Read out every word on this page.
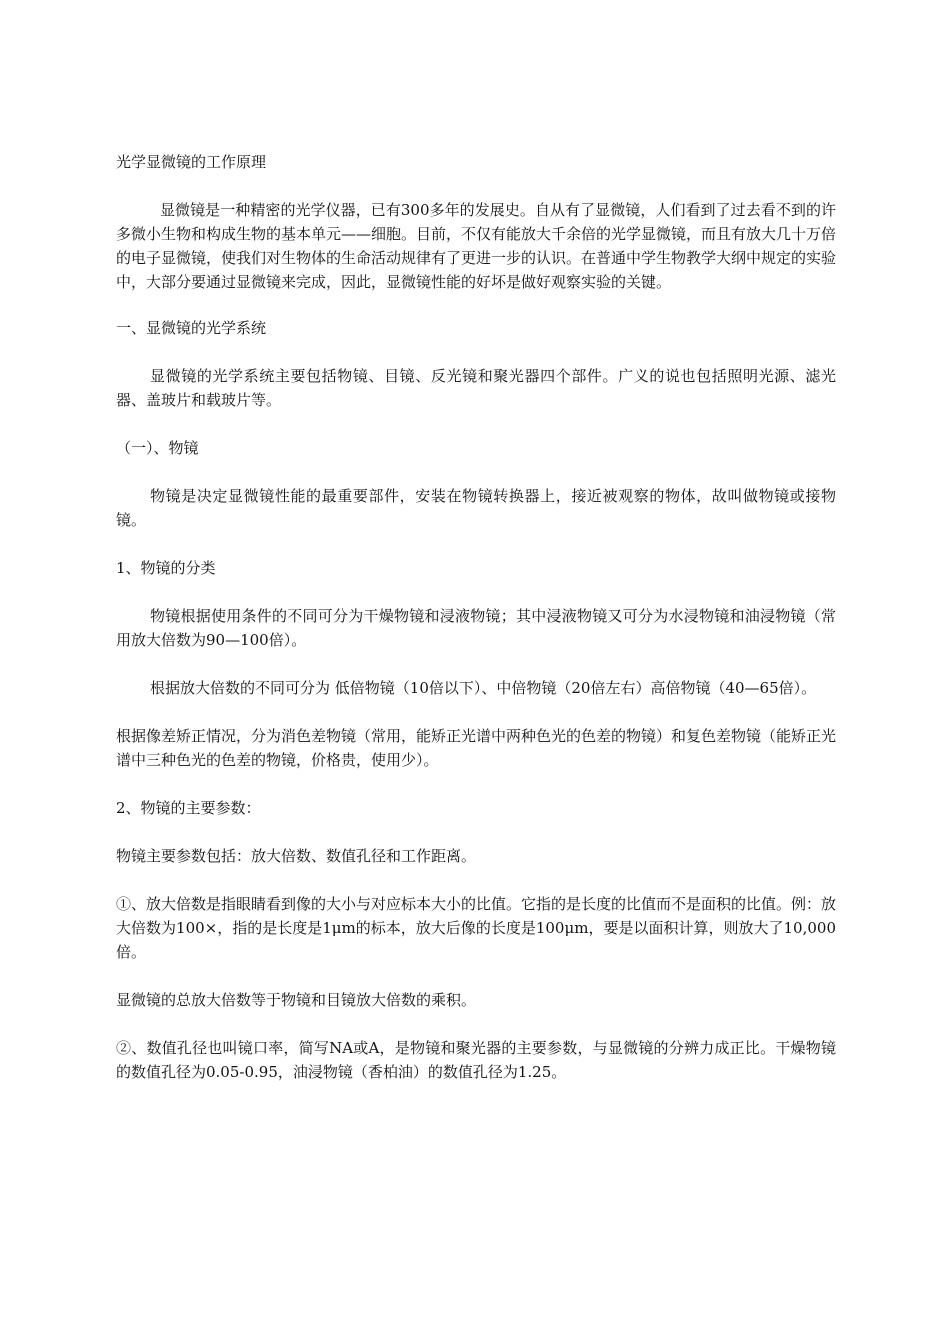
光学显微镜的工作原理

显微镜是一种精密的光学仪器，已有300多年的发展史。自从有了显微镜，人们看到了过去看不到的许多微小生物和构成生物的基本单元——细胞。目前，不仅有能放大千余倍的光学显微镜，而且有放大几十万倍的电子显微镜，使我们对生物体的生命活动规律有了更进一步的认识。在普通中学生物教学大纲中规定的实验中，大部分要通过显微镜来完成，因此，显微镜性能的好坏是做好观察实验的关键。

一、显微镜的光学系统

显微镜的光学系统主要包括物镜、目镜、反光镜和聚光器四个部件。广义的说也包括照明光源、滤光器、盖玻片和载玻片等。

（一）、物镜

物镜是决定显微镜性能的最重要部件，安装在物镜转换器上，接近被观察的物体，故叫做物镜或接物镜。

1、物镜的分类

物镜根据使用条件的不同可分为干燥物镜和浸液物镜；其中浸液物镜又可分为水浸物镜和油浸物镜（常用放大倍数为90—100倍）。

根据放大倍数的不同可分为 低倍物镜（10倍以下）、中倍物镜（20倍左右）高倍物镜（40—65倍）。

根据像差矫正情况，分为消色差物镜（常用，能矫正光谱中两种色光的色差的物镜）和复色差物镜（能矫正光谱中三种色光的色差的物镜，价格贵，使用少）。

2、物镜的主要参数：

物镜主要参数包括：放大倍数、数值孔径和工作距离。

①、放大倍数是指眼睛看到像的大小与对应标本大小的比值。它指的是长度的比值而不是面积的比值。例：放大倍数为100×，指的是长度是1μm的标本，放大后像的长度是100μm，要是以面积计算，则放大了10,000倍。

显微镜的总放大倍数等于物镜和目镜放大倍数的乘积。

②、数值孔径也叫镜口率，简写NA或A，是物镜和聚光器的主要参数，与显微镜的分辨力成正比。干燥物镜的数值孔径为0.05-0.95，油浸物镜（香柏油）的数值孔径为1.25。
